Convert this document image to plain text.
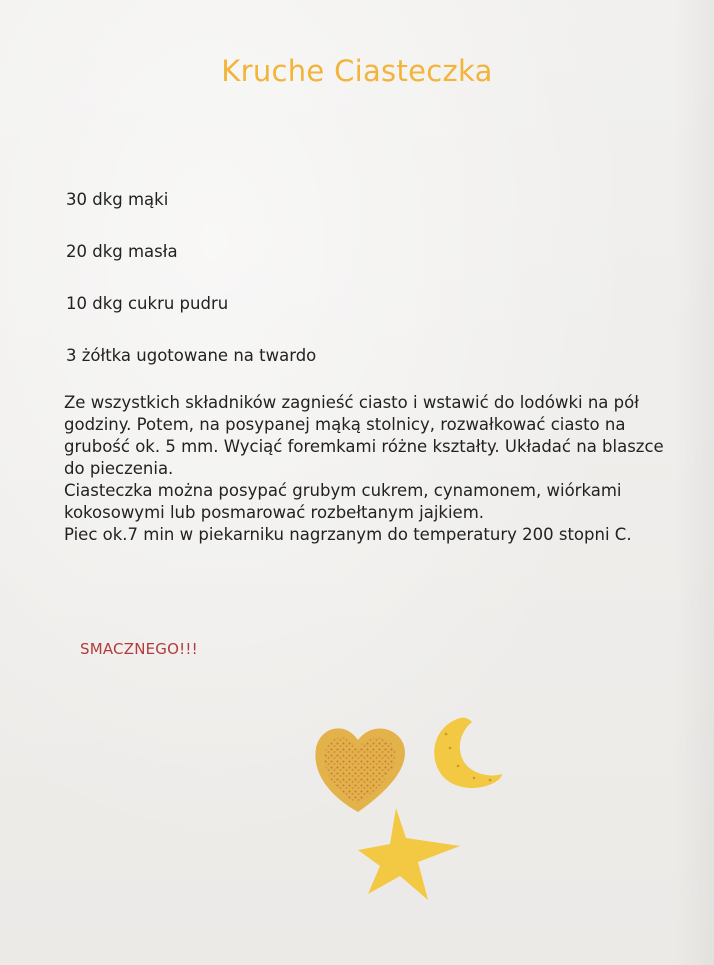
Kruche Ciasteczka
30 dkg mąki
20 dkg masła
10 dkg cukru pudru
3 żółtka ugotowane na twardo

Ze wszystkich składników zagnieść ciasto i wstawić do lodówki na pół godziny. Potem, na posypanej mąką stolnicy, rozwałkować ciasto na grubość ok. 5 mm. Wyciąć foremkami różne kształty. Układać na blaszce do pieczenia.

Ciasteczka można posypać grubym cukrem, cynamonem, wiórkami kokosowymi lub posmarować rozbełtanym jajkiem.

Piec ok.7 min w piekarniku nagrzanym do temperatury 200 stopni C.

SMACZNEGO!!!
